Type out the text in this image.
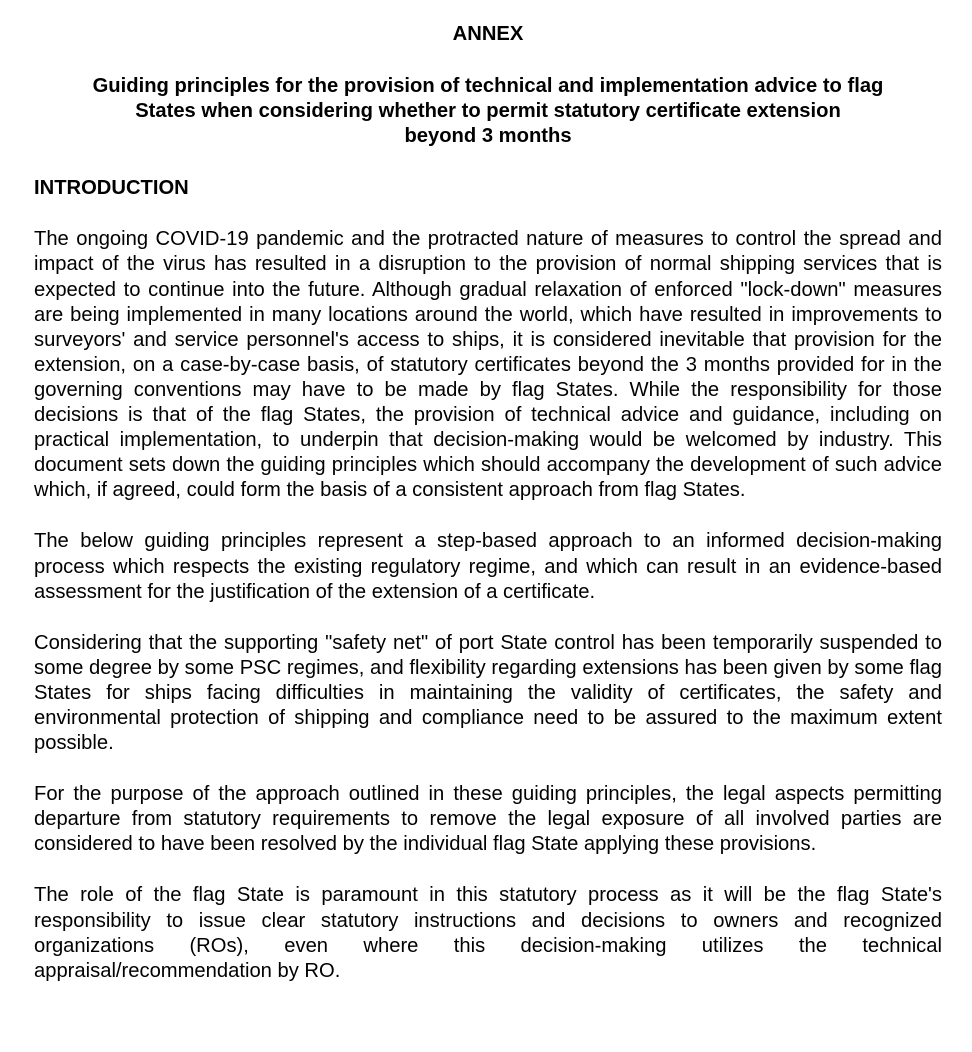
ANNEX

Guiding principles for the provision of technical and implementation advice to flag
States when considering whether to permit statutory certificate extension
beyond 3 months

INTRODUCTION

The ongoing COVID-19 pandemic and the protracted nature of measures to control the spread and impact of the virus has resulted in a disruption to the provision of normal shipping services that is expected to continue into the future. Although gradual relaxation of enforced "lock-down" measures are being implemented in many locations around the world, which have resulted in improvements to surveyors' and service personnel's access to ships, it is considered inevitable that provision for the extension, on a case-by-case basis, of statutory certificates beyond the 3 months provided for in the governing conventions may have to be made by flag States. While the responsibility for those decisions is that of the flag States, the provision of technical advice and guidance, including on practical implementation, to underpin that decision-making would be welcomed by industry. This document sets down the guiding principles which should accompany the development of such advice which, if agreed, could form the basis of a consistent approach from flag States.

The below guiding principles represent a step-based approach to an informed decision-making process which respects the existing regulatory regime, and which can result in an evidence-based assessment for the justification of the extension of a certificate.

Considering that the supporting "safety net" of port State control has been temporarily suspended to some degree by some PSC regimes, and flexibility regarding extensions has been given by some flag States for ships facing difficulties in maintaining the validity of certificates, the safety and environmental protection of shipping and compliance need to be assured to the maximum extent possible.

For the purpose of the approach outlined in these guiding principles, the legal aspects permitting departure from statutory requirements to remove the legal exposure of all involved parties are considered to have been resolved by the individual flag State applying these provisions.

The role of the flag State is paramount in this statutory process as it will be the flag State's responsibility to issue clear statutory instructions and decisions to owners and recognized organizations (ROs), even where this decision-making utilizes the technical appraisal/recommendation by RO.
